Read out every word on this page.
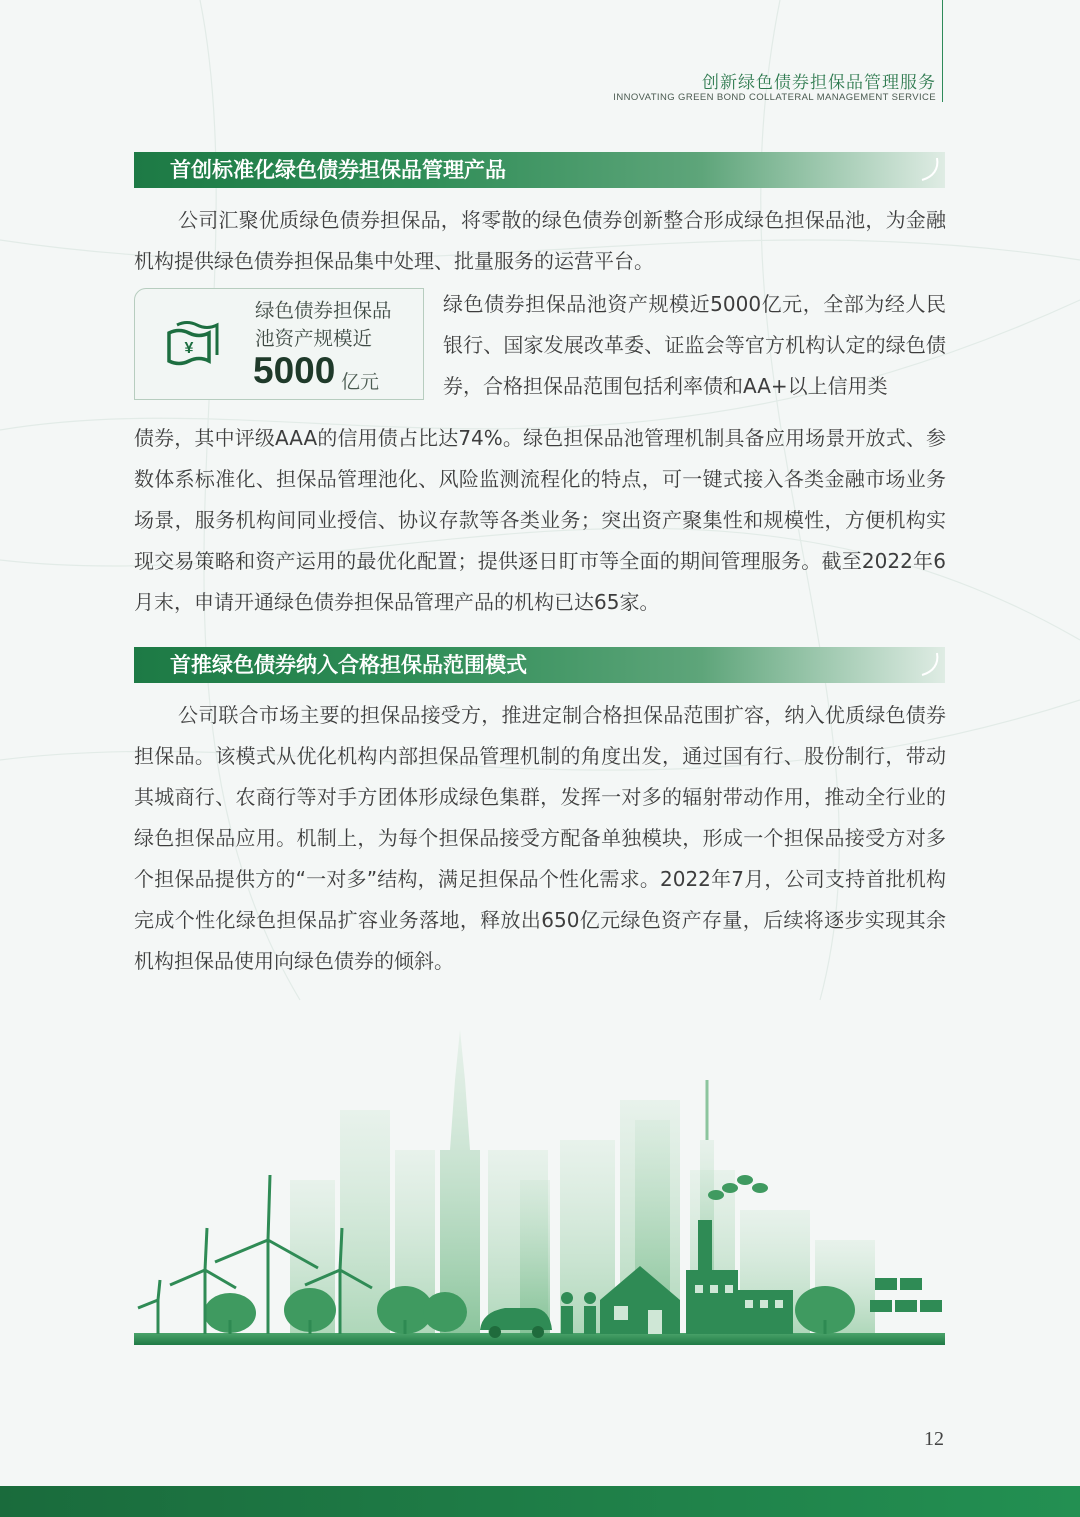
创新绿色债券担保品管理服务
INNOVATING GREEN BOND COLLATERAL MANAGEMENT SERVICE
首创标准化绿色债券担保品管理产品

公司汇聚优质绿色债券担保品，将零散的绿色债券创新整合形成绿色担保品池，为金融机构提供绿色债券担保品集中处理、批量服务的运营平台。

¥
绿色债券担保品
池资产规模近
5000 亿元

绿色债券担保品池资产规模近5000亿元，全部为经人民银行、国家发展改革委、证监会等官方机构认定的绿色债券，合格担保品范围包括利率债和AA+以上信用类

债券，其中评级AAA的信用债占比达74%。绿色担保品池管理机制具备应用场景开放式、参数体系标准化、担保品管理池化、风险监测流程化的特点，可一键式接入各类金融市场业务场景，服务机构间同业授信、协议存款等各类业务；突出资产聚集性和规模性，方便机构实现交易策略和资产运用的最优化配置；提供逐日盯市等全面的期间管理服务。截至2022年6月末，申请开通绿色债券担保品管理产品的机构已达65家。

首推绿色债券纳入合格担保品范围模式

公司联合市场主要的担保品接受方，推进定制合格担保品范围扩容，纳入优质绿色债券担保品。该模式从优化机构内部担保品管理机制的角度出发，通过国有行、股份制行，带动其城商行、农商行等对手方团体形成绿色集群，发挥一对多的辐射带动作用，推动全行业的绿色担保品应用。机制上，为每个担保品接受方配备单独模块，形成一个担保品接受方对多个担保品提供方的“一对多”结构，满足担保品个性化需求。2022年7月，公司支持首批机构完成个性化绿色担保品扩容业务落地，释放出650亿元绿色资产存量，后续将逐步实现其余机构担保品使用向绿色债券的倾斜。

12
